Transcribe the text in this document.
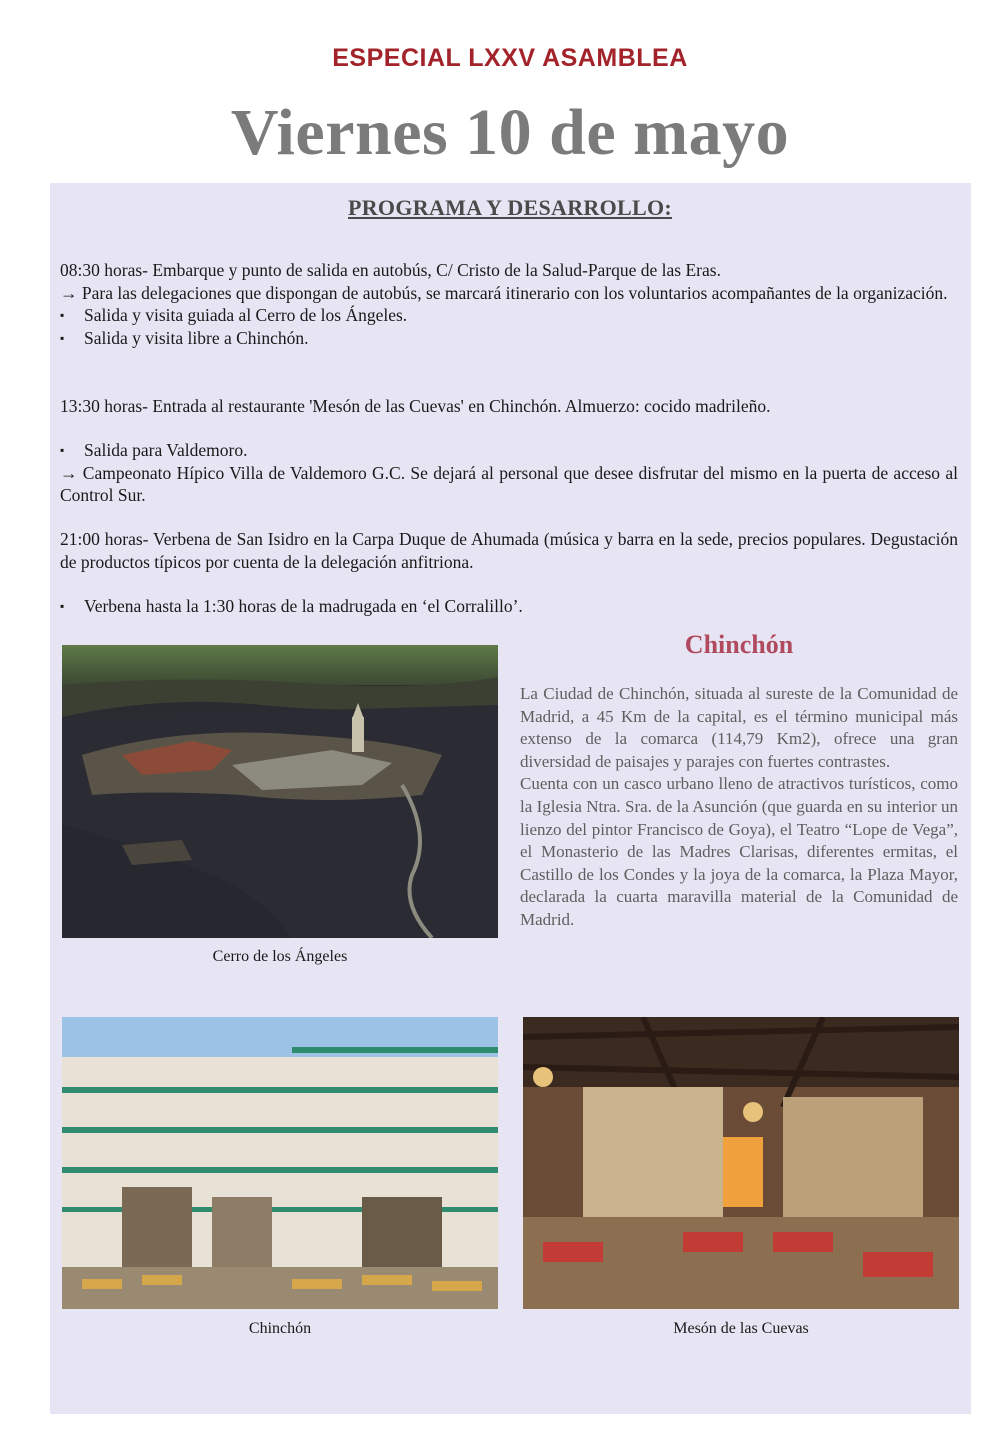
ESPECIAL LXXV ASAMBLEA
Viernes 10 de mayo
PROGRAMA Y DESARROLLO:

08:30 horas- Embarque y punto de salida en autobús, C/ Cristo de la Salud-Parque de las Eras.

→ Para las delegaciones que dispongan de autobús, se marcará itinerario con los voluntarios acompañantes de la organización.

▪ Salida y visita guiada al Cerro de los Ángeles.

▪ Salida y visita libre a Chinchón.

13:30 horas- Entrada al restaurante 'Mesón de las Cuevas' en Chinchón. Almuerzo: cocido madrileño.

▪ Salida para Valdemoro.

→ Campeonato Hípico Villa de Valdemoro G.C. Se dejará al personal que desee disfrutar del mismo en la puerta de acceso al Control Sur.

21:00 horas- Verbena de San Isidro en la Carpa Duque de Ahumada (música y barra en la sede, precios populares. Degustación de productos típicos por cuenta de la delegación anfitriona.

▪ Verbena hasta la 1:30 horas de la madrugada en ‘el Corralillo’.

Cerro de los Ángeles
Chinchón

La Ciudad de Chinchón, situada al sureste de la Comunidad de Madrid, a 45 Km de la capital, es el término municipal más extenso de la comarca (114,79 Km2), ofrece una gran diversidad de paisajes y parajes con fuertes contrastes.

Cuenta con un casco urbano lleno de atractivos turísticos, como la Iglesia Ntra. Sra. de la Asunción (que guarda en su interior un lienzo del pintor Francisco de Goya), el Teatro “Lope de Vega”, el Monasterio de las Madres Clarisas, diferentes ermitas, el Castillo de los Condes y la joya de la comarca, la Plaza Mayor, declarada la cuarta maravilla material de la Comunidad de Madrid.

Chinchón	Mesón de las Cuevas
